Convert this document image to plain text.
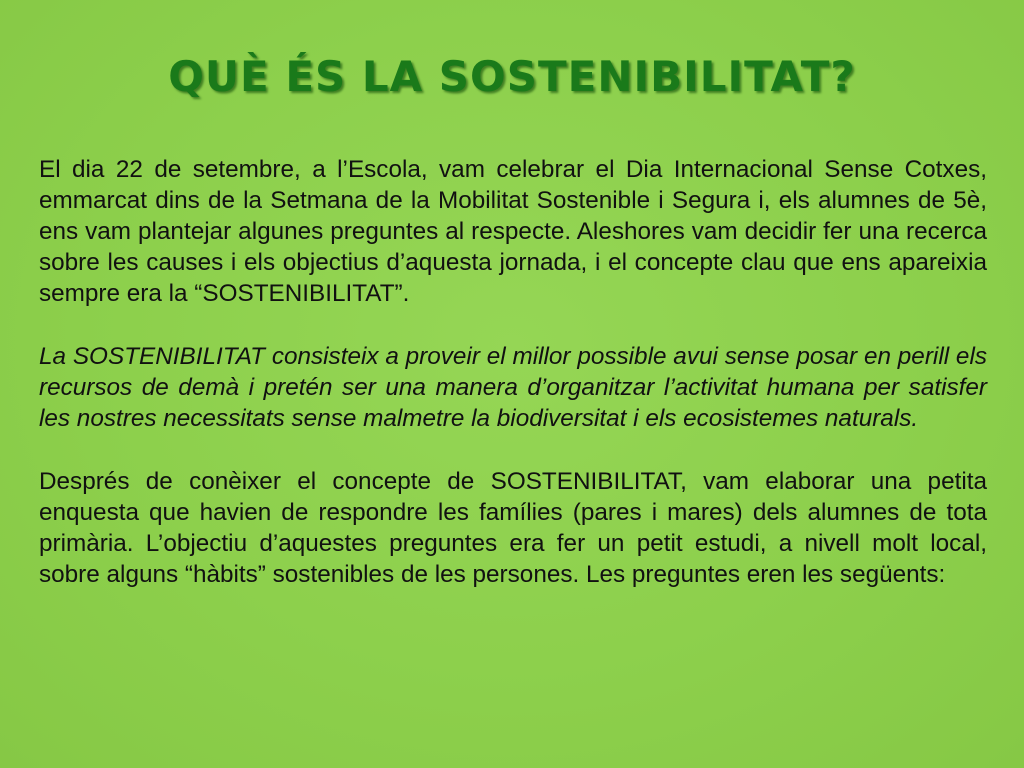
QUÈ ÉS LA SOSTENIBILITAT?

El dia 22 de setembre, a l’Escola, vam celebrar el Dia Internacional Sense Cotxes, emmarcat dins de la Setmana de la Mobilitat Sostenible i Segura i, els alumnes de 5è, ens vam plantejar algunes preguntes al respecte. Aleshores vam decidir fer una recerca sobre les causes i els objectius d’aquesta jornada, i el concepte clau que ens apareixia sempre era la “SOSTENIBILITAT”.

La SOSTENIBILITAT consisteix a proveir el millor possible avui sense posar en perill els recursos de demà i pretén ser una manera d’organitzar l’activitat humana per satisfer les nostres necessitats sense malmetre la biodiversitat i els ecosistemes naturals.

Després de conèixer el concepte de SOSTENIBILITAT, vam elaborar una petita enquesta que havien de respondre les famílies (pares i mares) dels alumnes de tota primària. L’objectiu d’aquestes preguntes era fer un petit estudi, a nivell molt local, sobre alguns “hàbits” sostenibles de les persones. Les preguntes eren les següents:
